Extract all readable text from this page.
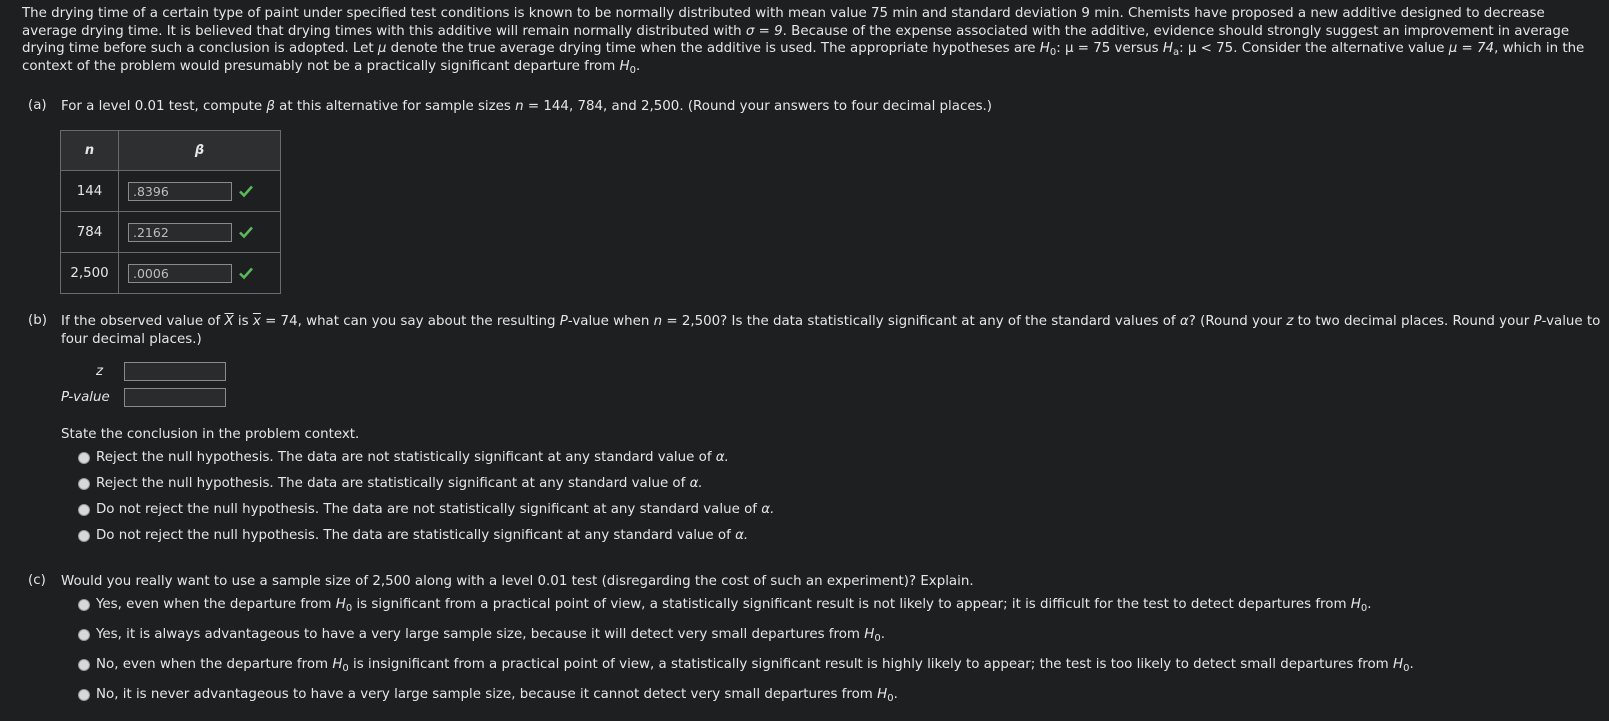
The drying time of a certain type of paint under specified test conditions is known to be normally distributed with mean value 75 min and standard deviation 9 min. Chemists have proposed a new additive designed to decrease average drying time. It is believed that drying times with this additive will remain normally distributed with σ = 9. Because of the expense associated with the additive, evidence should strongly suggest an improvement in average drying time before such a conclusion is adopted. Let μ denote the true average drying time when the additive is used. The appropriate hypotheses are $H_0$: μ = 75 versus $H_a$: μ < 75. Consider the alternative value μ = 74, which in the context of the problem would presumably not be a practically significant departure from $H_0$.

(a) For a level 0.01 test, compute β at this alternative for sample sizes n = 144, 784, and 2,500. (Round your answers to four decimal places.)
n	β
144	.8396

784	.2162

2,500	.0006
(b) If the observed value of $\overline{X}$ is $\overline{x} = 74$, what can you say about the resulting P-value when n = 2,500? Is the data statistically significant at any of the standard values of α? (Round your z to two decimal places. Round your P-value to
four decimal places.)
z
P-value
State the conclusion in the problem context.
Reject the null hypothesis. The data are not statistically significant at any standard value of α.
Reject the null hypothesis. The data are statistically significant at any standard value of α.
Do not reject the null hypothesis. The data are not statistically significant at any standard value of α.
Do not reject the null hypothesis. The data are statistically significant at any standard value of α.
(c) Would you really want to use a sample size of 2,500 along with a level 0.01 test (disregarding the cost of such an experiment)? Explain.
Yes, even when the departure from $H_0$ is significant from a practical point of view, a statistically significant result is not likely to appear; it is difficult for the test to detect departures from $H_0$.
Yes, it is always advantageous to have a very large sample size, because it will detect very small departures from $H_0$.
No, even when the departure from $H_0$ is insignificant from a practical point of view, a statistically significant result is highly likely to appear; the test is too likely to detect small departures from $H_0$.
No, it is never advantageous to have a very large sample size, because it cannot detect very small departures from $H_0$.
